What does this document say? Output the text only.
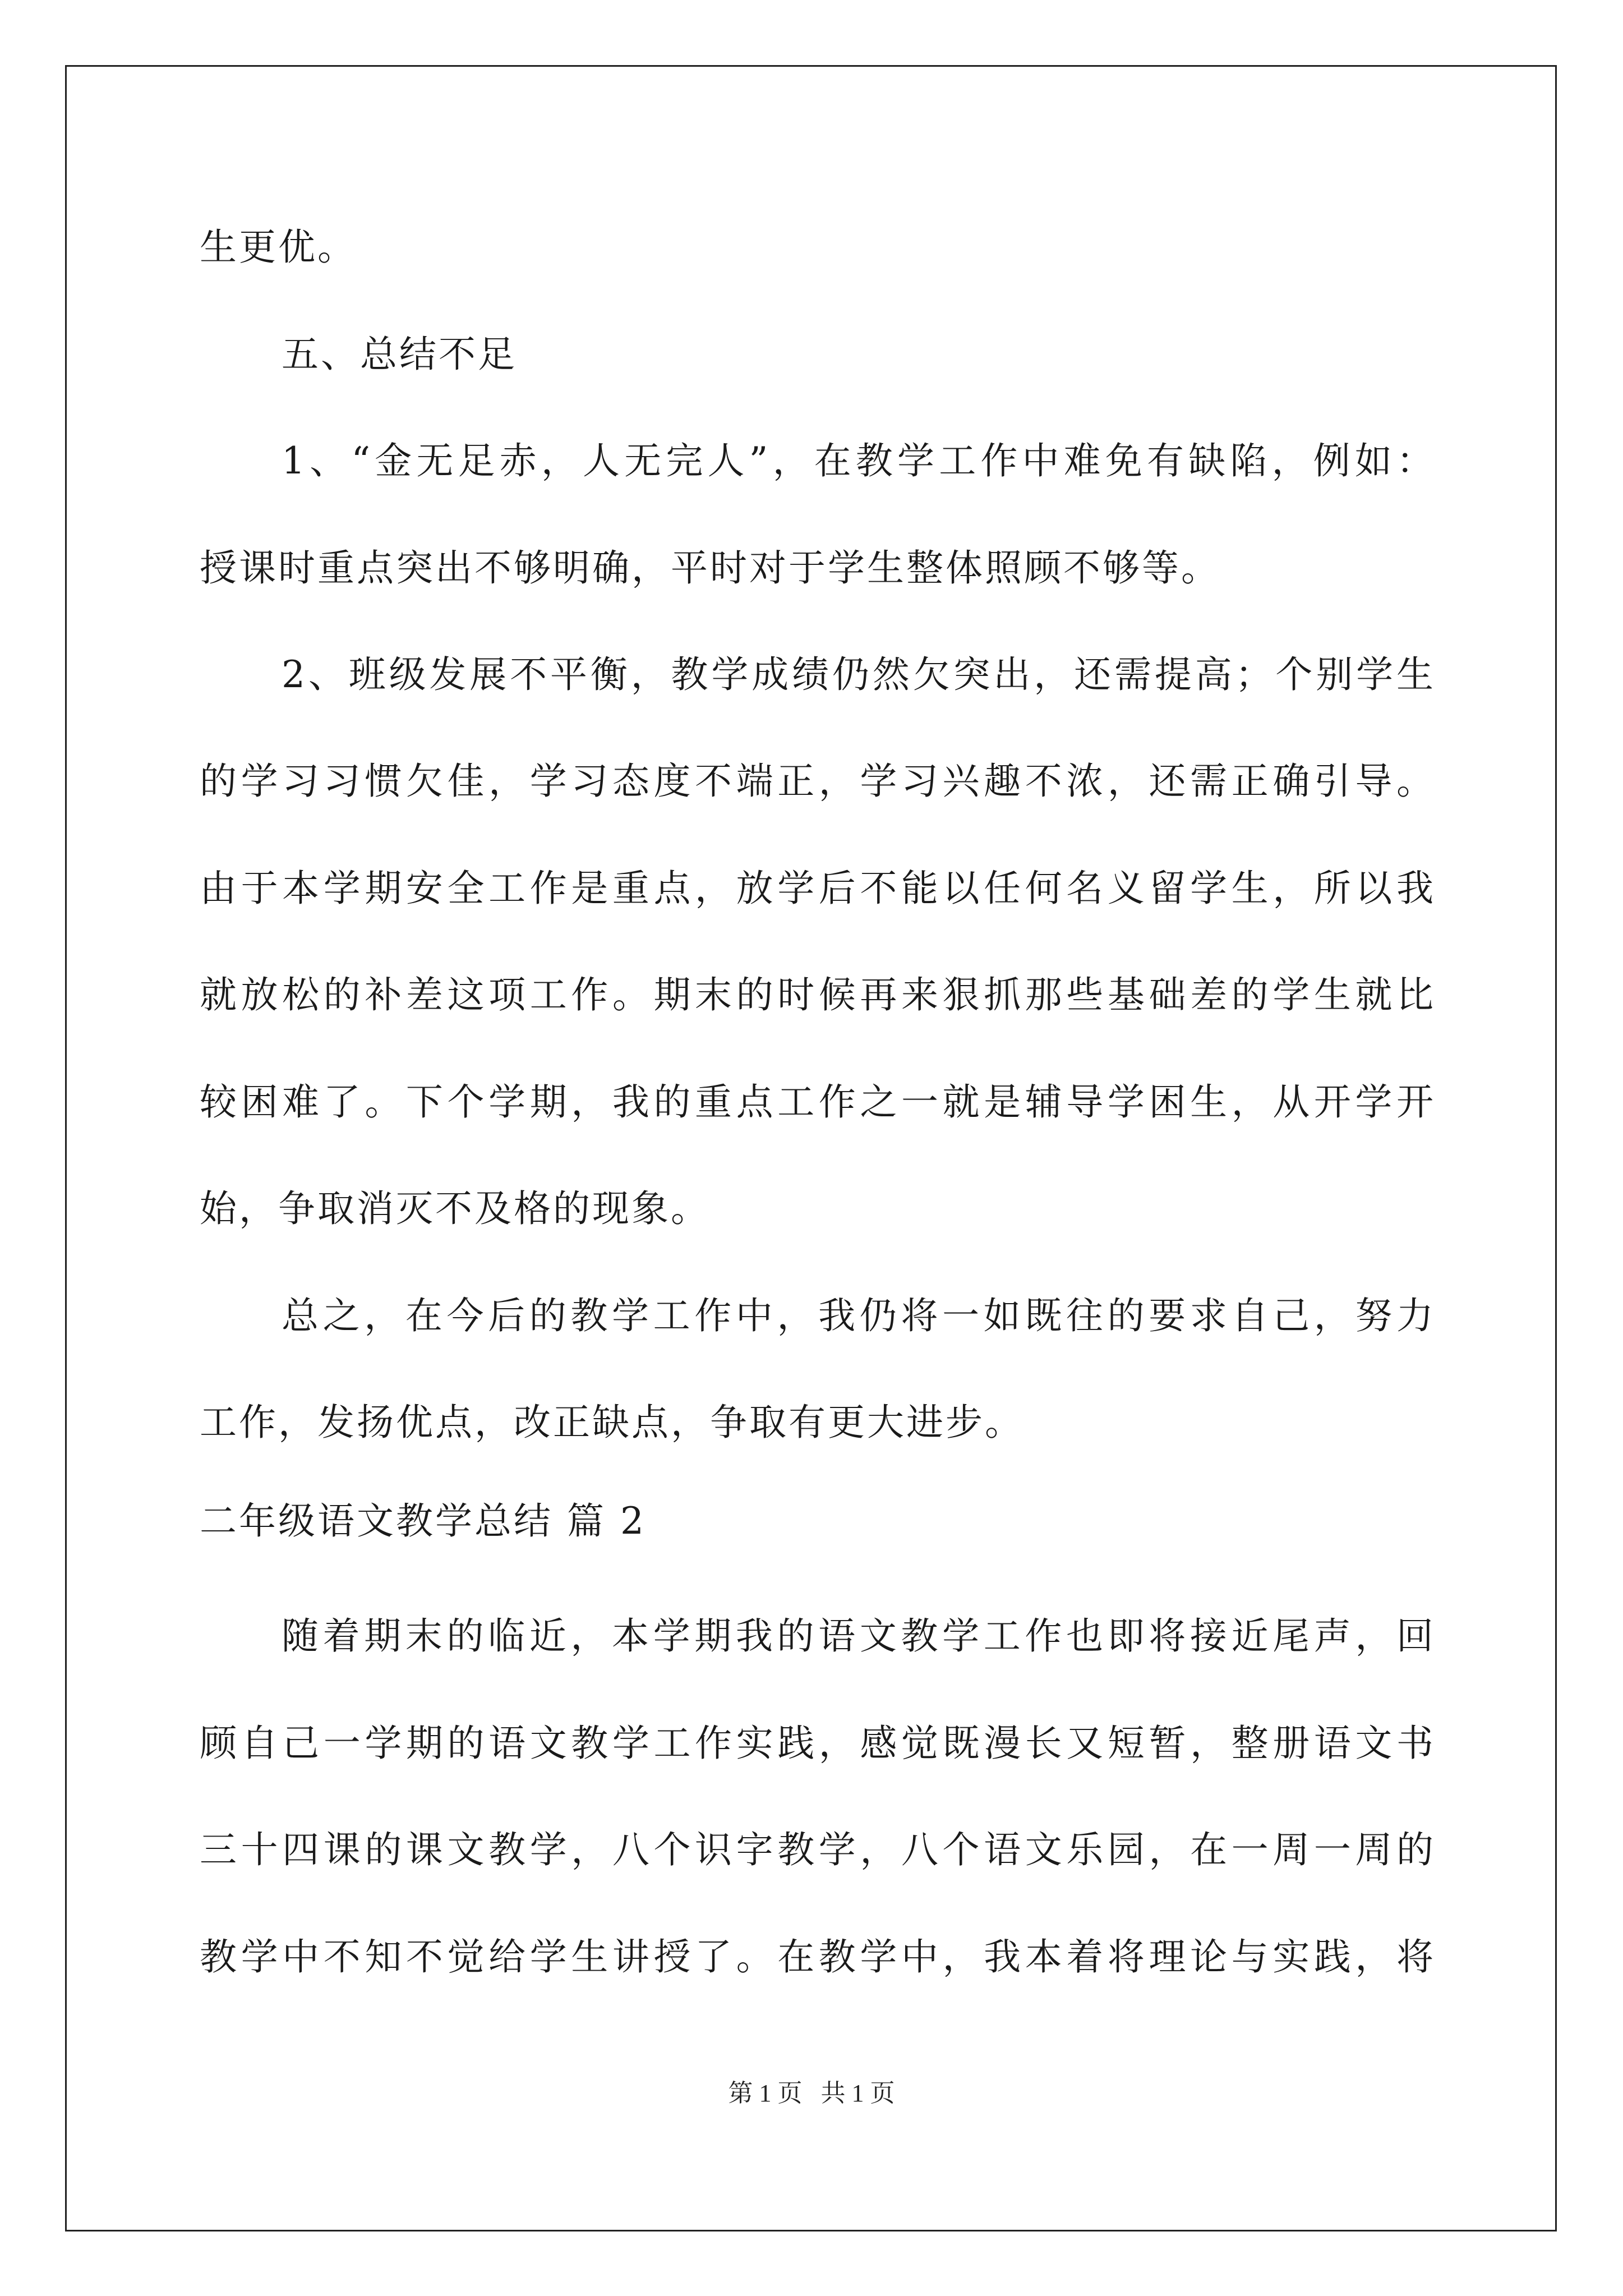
生更优。
五、总结不足
1、“金无足赤，人无完人”，在教学工作中难免有缺陷，例如：
授课时重点突出不够明确，平时对于学生整体照顾不够等。
2、班级发展不平衡，教学成绩仍然欠突出，还需提高；个别学生
的学习习惯欠佳，学习态度不端正，学习兴趣不浓，还需正确引导。
由于本学期安全工作是重点，放学后不能以任何名义留学生，所以我
就放松的补差这项工作。期末的时候再来狠抓那些基础差的学生就比
较困难了。下个学期，我的重点工作之一就是辅导学困生，从开学开
始，争取消灭不及格的现象。
总之，在今后的教学工作中，我仍将一如既往的要求自己，努力
工作，发扬优点，改正缺点，争取有更大进步。
二年级语文教学总结 篇 2
随着期末的临近，本学期我的语文教学工作也即将接近尾声，回
顾自己一学期的语文教学工作实践，感觉既漫长又短暂，整册语文书
三十四课的课文教学，八个识字教学，八个语文乐园，在一周一周的
教学中不知不觉给学生讲授了。在教学中，我本着将理论与实践，将
第 1 页   共 1 页
